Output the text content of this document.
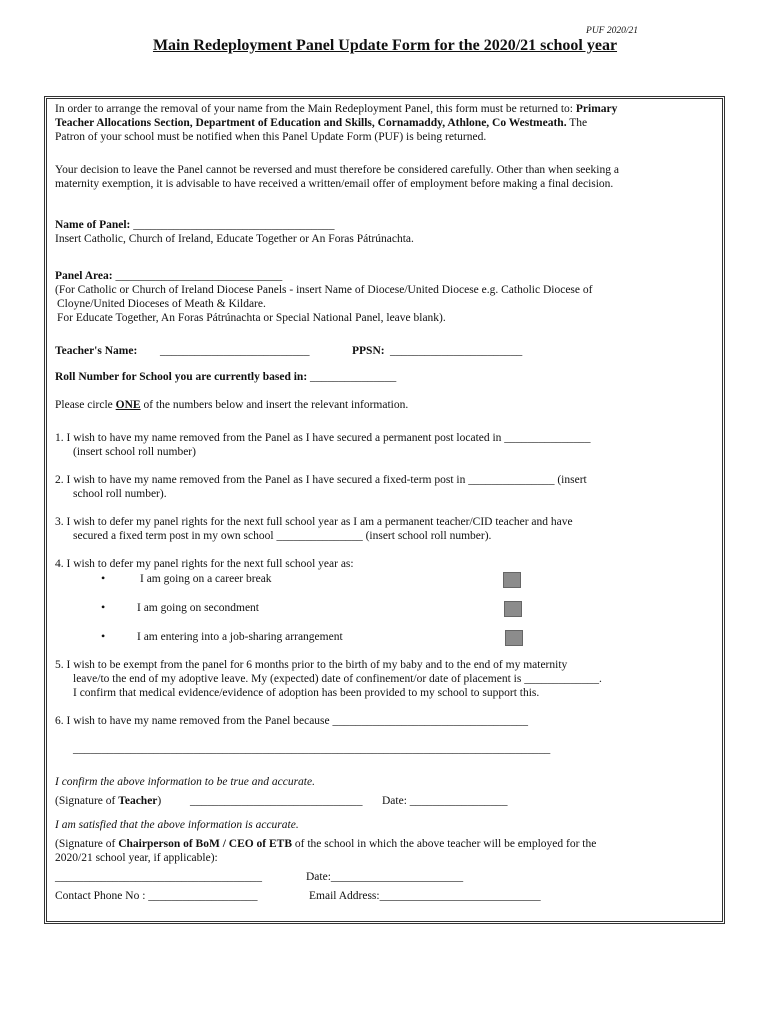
PUF 2020/21
Main Redeployment Panel Update Form for the 2020/21 school year
In order to arrange the removal of your name from the Main Redeployment Panel, this form must be returned to: Primary
Teacher Allocations Section, Department of Education and Skills, Cornamaddy, Athlone, Co Westmeath. The
Patron of your school must be notified when this Panel Update Form (PUF) is being returned.
Your decision to leave the Panel cannot be reversed and must therefore be considered carefully. Other than when seeking a
maternity exemption, it is advisable to have received a written/email offer of employment before making a final decision.
Name of Panel: ___________________________________
Insert Catholic, Church of Ireland, Educate Together or An Foras Pátrúnachta.
Panel Area: _____________________________
(For Catholic or Church of Ireland Diocese Panels - insert Name of Diocese/United Diocese e.g. Catholic Diocese of
Cloyne/United Dioceses of Meath & Kildare.
For Educate Together, An Foras Pátrúnachta or Special National Panel, leave blank).
Teacher's Name: __________________________	PPSN: _______________________
Roll Number for School you are currently based in: _______________
Please circle ONE of the numbers below and insert the relevant information.
1. I wish to have my name removed from the Panel as I have secured a permanent post located in _______________
(insert school roll number)
2. I wish to have my name removed from the Panel as I have secured a fixed-term post in _______________ (insert
school roll number).
3. I wish to defer my panel rights for the next full school year as I am a permanent teacher/CID teacher and have
secured a fixed term post in my own school _______________ (insert school roll number).
4. I wish to defer my panel rights for the next full school year as:
•	I am going on a career break
•	I am going on secondment
•	I am entering into a job-sharing arrangement
5. I wish to be exempt from the panel for 6 months prior to the birth of my baby and to the end of my maternity
leave/to the end of my adoptive leave. My (expected) date of confinement/or date of placement is _____________.
I confirm that medical evidence/evidence of adoption has been provided to my school to support this.
6. I wish to have my name removed from the Panel because __________________________________
___________________________________________________________________________________
I confirm the above information to be true and accurate.
(Signature of Teacher) ______________________________ Date: _________________
I am satisfied that the above information is accurate.
(Signature of Chairperson of BoM / CEO of ETB of the school in which the above teacher will be employed for the
2020/21 school year, if applicable):
____________________________________	Date:_______________________
Contact Phone No : ___________________	Email Address:____________________________
